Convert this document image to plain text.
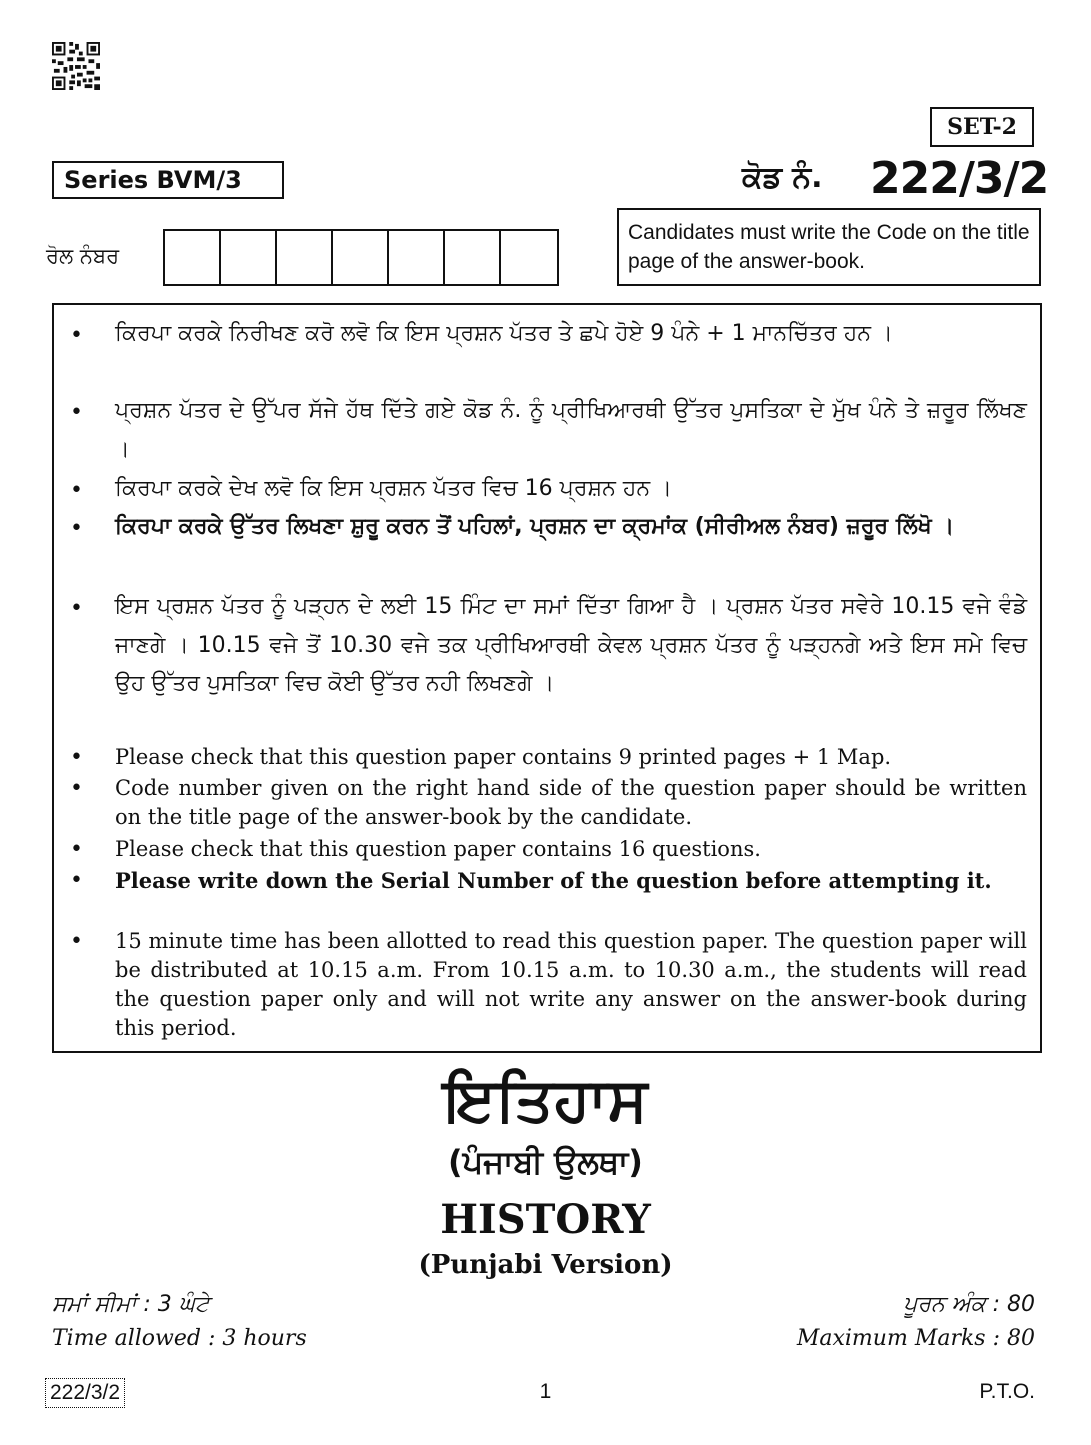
SET-2
Series BVM/3	ਕੋਡ ਨੰ. 222/3/2
ਰੋਲ ਨੰਬਰ
Candidates must write the Code on the title page of the answer-book.
• ਕਿਰਪਾ ਕਰਕੇ ਨਿਰੀਖਣ ਕਰੋ ਲਵੋ ਕਿ ਇਸ ਪ੍ਰਸ਼ਨ ਪੱਤਰ ਤੇ ਛਪੇ ਹੋਏ 9 ਪੰਨੇ + 1 ਮਾਨਚਿੱਤਰ ਹਨ ।
• ਪ੍ਰਸ਼ਨ ਪੱਤਰ ਦੇ ਉੱਪਰ ਸੱਜੇ ਹੱਥ ਦਿੱਤੇ ਗਏ ਕੋਡ ਨੰ. ਨੂੰ ਪ੍ਰੀਖਿਆਰਥੀ ਉੱਤਰ ਪੁਸਤਿਕਾ ਦੇ ਮੁੱਖ ਪੰਨੇ ਤੇ ਜ਼ਰੂਰ ਲਿੱਖਣ ।
• ਕਿਰਪਾ ਕਰਕੇ ਦੇਖ ਲਵੋ ਕਿ ਇਸ ਪ੍ਰਸ਼ਨ ਪੱਤਰ ਵਿਚ 16 ਪ੍ਰਸ਼ਨ ਹਨ ।
• ਕਿਰਪਾ ਕਰਕੇ ਉੱਤਰ ਲਿਖਣਾ ਸ਼ੁਰੂ ਕਰਨ ਤੋਂ ਪਹਿਲਾਂ, ਪ੍ਰਸ਼ਨ ਦਾ ਕ੍ਰਮਾਂਕ (ਸੀਰੀਅਲ ਨੰਬਰ) ਜ਼ਰੂਰ ਲਿੱਖੋ ।
• ਇਸ ਪ੍ਰਸ਼ਨ ਪੱਤਰ ਨੂੰ ਪੜ੍ਹਨ ਦੇ ਲਈ 15 ਮਿੰਟ ਦਾ ਸਮਾਂ ਦਿੱਤਾ ਗਿਆ ਹੈ । ਪ੍ਰਸ਼ਨ ਪੱਤਰ ਸਵੇਰੇ 10.15 ਵਜੇ ਵੰਡੇ ਜਾਣਗੇ । 10.15 ਵਜੇ ਤੋਂ 10.30 ਵਜੇ ਤਕ ਪ੍ਰੀਖਿਆਰਥੀ ਕੇਵਲ ਪ੍ਰਸ਼ਨ ਪੱਤਰ ਨੂੰ ਪੜ੍ਹਨਗੇ ਅਤੇ ਇਸ ਸਮੇ ਵਿਚ ਉਹ ਉੱਤਰ ਪੁਸਤਿਕਾ ਵਿਚ ਕੋਈ ਉੱਤਰ ਨਹੀ ਲਿਖਣਗੇ ।
• Please check that this question paper contains 9 printed pages + 1 Map.
• Code number given on the right hand side of the question paper should be written on the title page of the answer-book by the candidate.
• Please check that this question paper contains 16 questions.
• Please write down the Serial Number of the question before attempting it.
• 15 minute time has been allotted to read this question paper. The question paper will be distributed at 10.15 a.m. From 10.15 a.m. to 10.30 a.m., the students will read the question paper only and will not write any answer on the answer-book during this period.
ਇਤਿਹਾਸ
(ਪੰਜਾਬੀ ਉਲਥਾ)
HISTORY
(Punjabi Version)
ਸਮਾਂ ਸੀਮਾਂ : 3 ਘੰਟੇ
Time allowed : 3 hours
ਪੂਰਨ ਅੰਕ : 80
Maximum Marks : 80
222/3/2	1	P.T.O.
